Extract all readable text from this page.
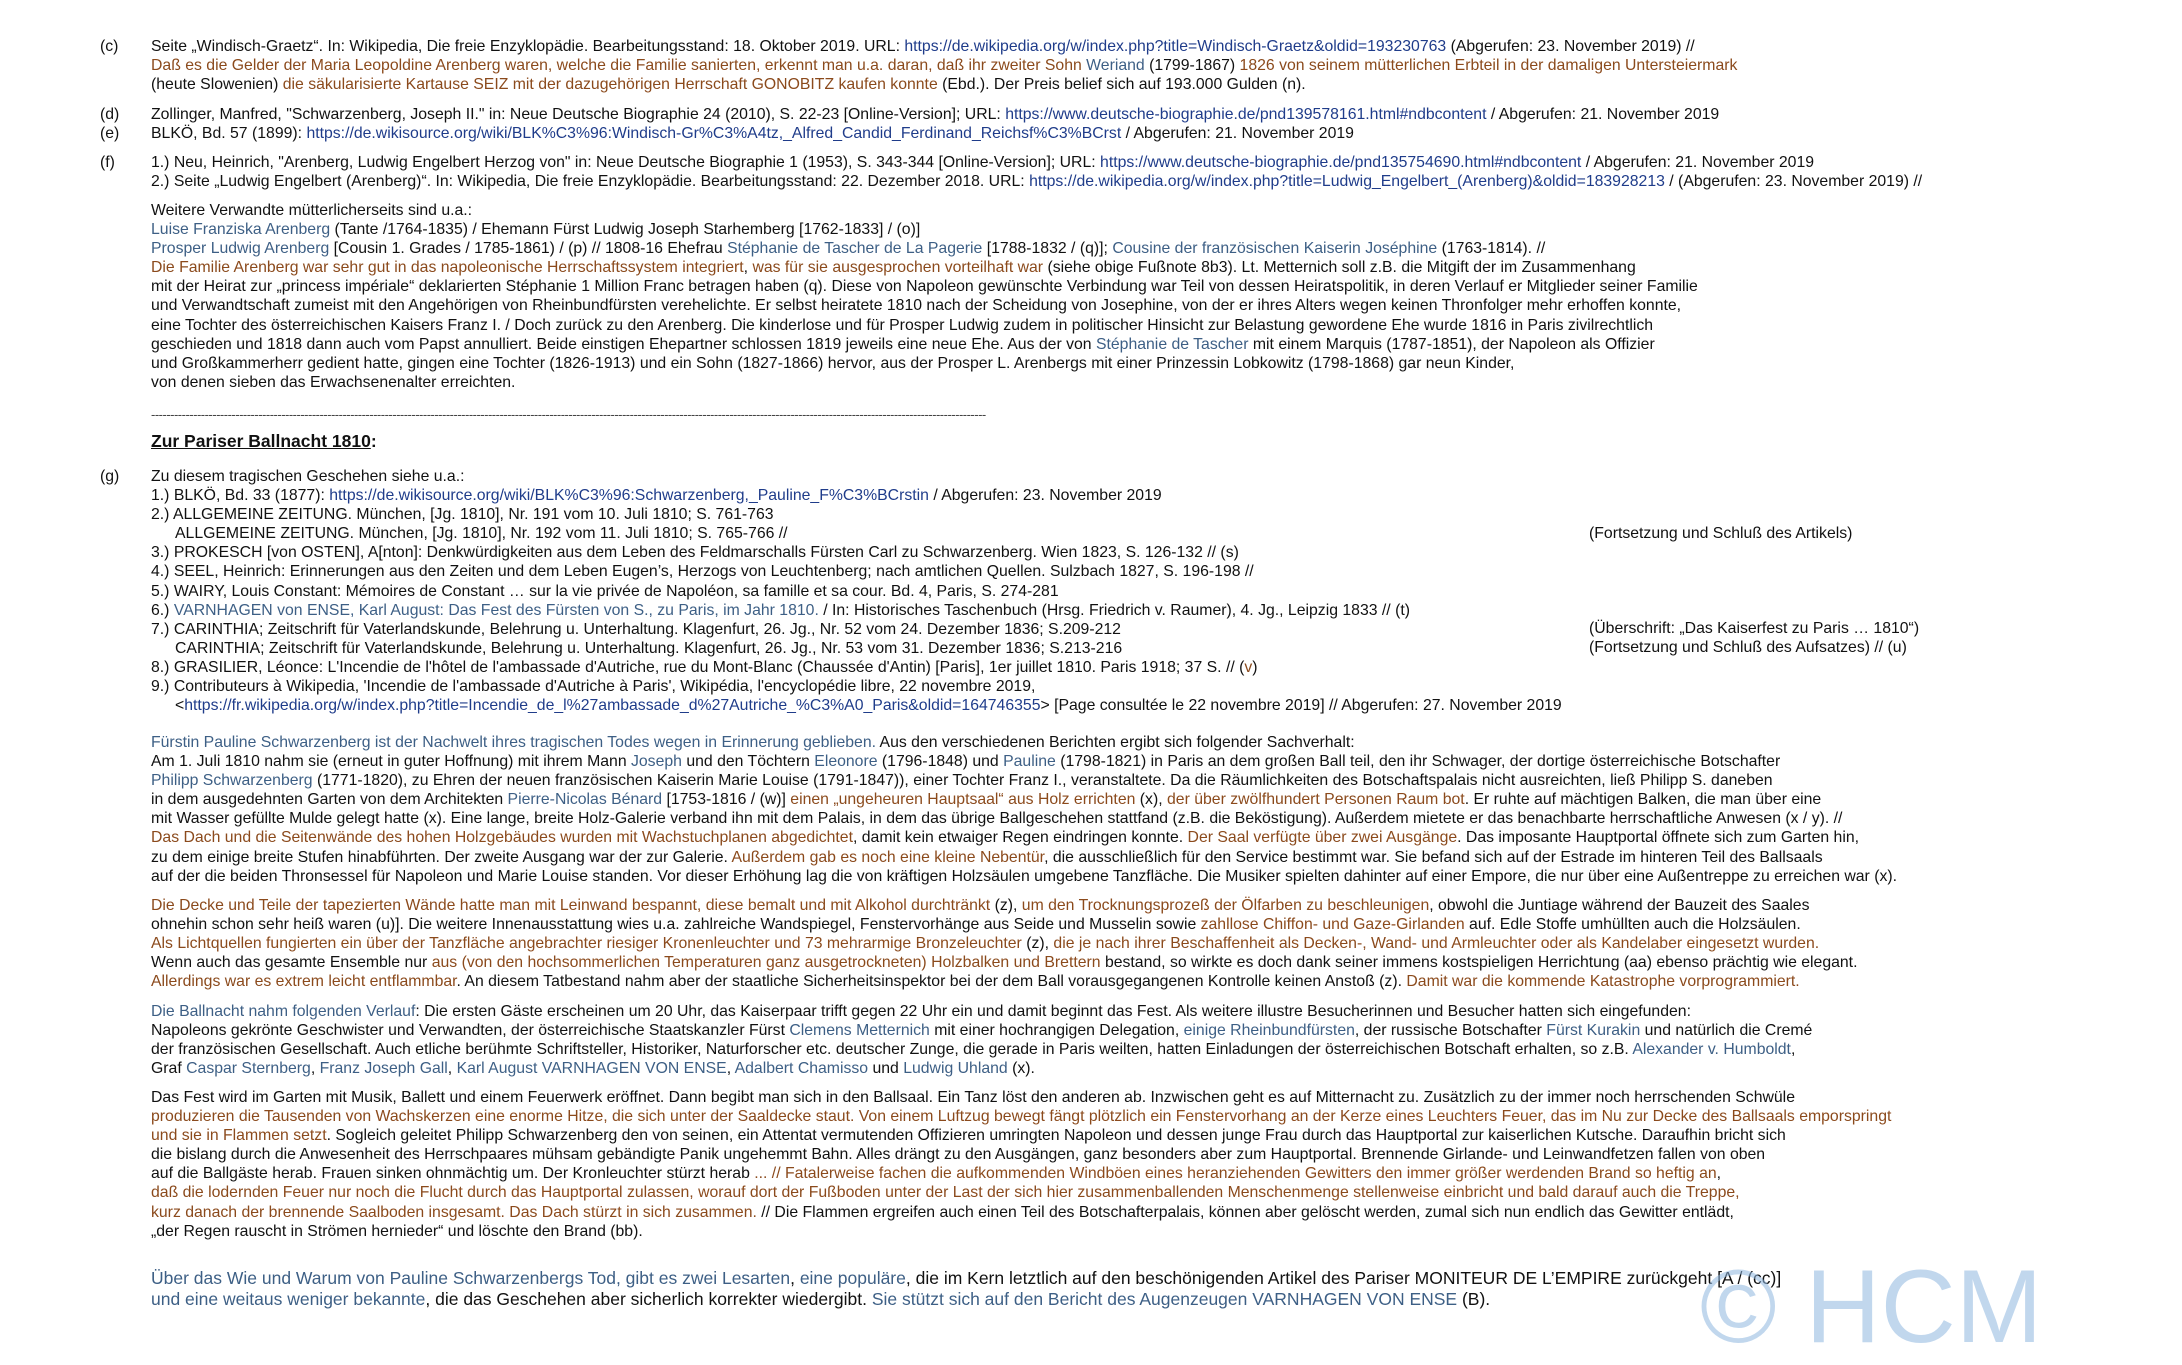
(c) Seite „Windisch-Graetz“. In: Wikipedia, Die freie Enzyklopädie. Bearbeitungsstand: 18. Oktober 2019. URL: https://de.wikipedia.org/w/index.php?title=Windisch-Graetz&oldid=193230763 (Abgerufen: 23. November 2019) //
Daß es die Gelder der Maria Leopoldine Arenberg waren, welche die Familie sanierten, erkennt man u.a. daran, daß ihr zweiter Sohn Weriand (1799-1867) 1826 von seinem mütterlichen Erbteil in der damaligen Untersteiermark
(heute Slowenien) die säkularisierte Kartause SEIZ mit der dazugehörigen Herrschaft GONOBITZ kaufen konnte (Ebd.). Der Preis belief sich auf 193.000 Gulden (n).
(d) Zollinger, Manfred, "Schwarzenberg, Joseph II." in: Neue Deutsche Biographie 24 (2010), S. 22-23 [Online-Version]; URL: https://www.deutsche-biographie.de/pnd139578161.html#ndbcontent / Abgerufen: 21. November 2019
(e) BLKÖ, Bd. 57 (1899): https://de.wikisource.org/wiki/BLK%C3%96:Windisch-Gr%C3%A4tz,_Alfred_Candid_Ferdinand_Reichsf%C3%BCrst / Abgerufen: 21. November 2019
(f) 1.) Neu, Heinrich, "Arenberg, Ludwig Engelbert Herzog von" in: Neue Deutsche Biographie 1 (1953), S. 343-344 [Online-Version]; URL: https://www.deutsche-biographie.de/pnd135754690.html#ndbcontent / Abgerufen: 21. November 2019
2.) Seite „Ludwig Engelbert (Arenberg)“. In: Wikipedia, Die freie Enzyklopädie. Bearbeitungsstand: 22. Dezember 2018. URL: https://de.wikipedia.org/w/index.php?title=Ludwig_Engelbert_(Arenberg)&oldid=183928213 / (Abgerufen: 23. November 2019) //
Weitere Verwandte mütterlicherseits sind u.a.:
Luise Franziska Arenberg (Tante /1764-1835) / Ehemann Fürst Ludwig Joseph Starhemberg [1762-1833] / (o)]
Prosper Ludwig Arenberg [Cousin 1. Grades / 1785-1861) / (p) // 1808-16 Ehefrau Stéphanie de Tascher de La Pagerie [1788-1832 / (q)]; Cousine der französischen Kaiserin Joséphine (1763-1814). //
Die Familie Arenberg war sehr gut in das napoleonische Herrschaftssystem integriert, was für sie ausgesprochen vorteilhaft war (siehe obige Fußnote 8b3). Lt. Metternich soll z.B. die Mitgift der im Zusammenhang
mit der Heirat zur „princess impériale“ deklarierten Stéphanie 1 Million Franc betragen haben (q). Diese von Napoleon gewünschte Verbindung war Teil von dessen Heiratspolitik, in deren Verlauf er Mitglieder seiner Familie
und Verwandtschaft zumeist mit den Angehörigen von Rheinbundfürsten verehelichte. Er selbst heiratete 1810 nach der Scheidung von Josephine, von der er ihres Alters wegen keinen Thronfolger mehr erhoffen konnte,
eine Tochter des österreichischen Kaisers Franz I. / Doch zurück zu den Arenberg. Die kinderlose und für Prosper Ludwig zudem in politischer Hinsicht zur Belastung gewordene Ehe wurde 1816 in Paris zivilrechtlich
geschieden und 1818 dann auch vom Papst annulliert. Beide einstigen Ehepartner schlossen 1819 jeweils eine neue Ehe. Aus der von Stéphanie de Tascher mit einem Marquis (1787-1851), der Napoleon als Offizier
und Großkammerherr gedient hatte, gingen eine Tochter (1826-1913) und ein Sohn (1827-1866) hervor, aus der Prosper L. Arenbergs mit einer Prinzessin Lobkowitz (1798-1868) gar neun Kinder,
von denen sieben das Erwachsenenalter erreichten.
--------------------------------------------------------------------------------------------------------------------------------------------------------------------------------------------------------------------------
Zur Pariser Ballnacht 1810:
(g) Zu diesem tragischen Geschehen siehe u.a.:
1.) BLKÖ, Bd. 33 (1877): https://de.wikisource.org/wiki/BLK%C3%96:Schwarzenberg,_Pauline_F%C3%BCrstin / Abgerufen: 23. November 2019
2.) ALLGEMEINE ZEITUNG. München, [Jg. 1810], Nr. 191 vom 10. Juli 1810; S. 761-763
ALLGEMEINE ZEITUNG. München, [Jg. 1810], Nr. 192 vom 11. Juli 1810; S. 765-766 //
3.) PROKESCH [von OSTEN], A[nton]: Denkwürdigkeiten aus dem Leben des Feldmarschalls Fürsten Carl zu Schwarzenberg. Wien 1823, S. 126-132 // (s)
4.) SEEL, Heinrich: Erinnerungen aus den Zeiten und dem Leben Eugen’s, Herzogs von Leuchtenberg; nach amtlichen Quellen. Sulzbach 1827, S. 196-198 //
5.) WAIRY, Louis Constant: Mémoires de Constant … sur la vie privée de Napoléon, sa famille et sa cour. Bd. 4, Paris, S. 274-281
6.) VARNHAGEN von ENSE, Karl August: Das Fest des Fürsten von S., zu Paris, im Jahr 1810. / In: Historisches Taschenbuch (Hrsg. Friedrich v. Raumer), 4. Jg., Leipzig 1833 // (t)
7.) CARINTHIA; Zeitschrift für Vaterlandskunde, Belehrung u. Unterhaltung. Klagenfurt, 26. Jg., Nr. 52 vom 24. Dezember 1836; S.209-212
CARINTHIA; Zeitschrift für Vaterlandskunde, Belehrung u. Unterhaltung. Klagenfurt, 26. Jg., Nr. 53 vom 31. Dezember 1836; S.213-216
8.) GRASILIER, Léonce: L'Incendie de l'hôtel de l'ambassade d'Autriche, rue du Mont-Blanc (Chaussée d'Antin) [Paris], 1er juillet 1810. Paris 1918; 37 S. // (v)
9.) Contributeurs à Wikipedia, 'Incendie de l'ambassade d'Autriche à Paris', Wikipédia, l'encyclopédie libre, 22 novembre 2019,
<https://fr.wikipedia.org/w/index.php?title=Incendie_de_l%27ambassade_d%27Autriche_%C3%A0_Paris&oldid=164746355> [Page consultée le 22 novembre 2019] // Abgerufen: 27. November 2019
(Fortsetzung und Schluß des Artikels)
(Überschrift: „Das Kaiserfest zu Paris … 1810“)
(Fortsetzung und Schluß des Aufsatzes) // (u)
Fürstin Pauline Schwarzenberg ist der Nachwelt ihres tragischen Todes wegen in Erinnerung geblieben. Aus den verschiedenen Berichten ergibt sich folgender Sachverhalt:
Am 1. Juli 1810 nahm sie (erneut in guter Hoffnung) mit ihrem Mann Joseph und den Töchtern Eleonore (1796-1848) und Pauline (1798-1821) in Paris an dem großen Ball teil, den ihr Schwager, der dortige österreichische Botschafter
Philipp Schwarzenberg (1771-1820), zu Ehren der neuen französischen Kaiserin Marie Louise (1791-1847)), einer Tochter Franz I., veranstaltete. Da die Räumlichkeiten des Botschaftspalais nicht ausreichten, ließ Philipp S. daneben
in dem ausgedehnten Garten von dem Architekten Pierre-Nicolas Bénard [1753-1816 / (w)] einen „ungeheuren Hauptsaal“ aus Holz errichten (x), der über zwölfhundert Personen Raum bot. Er ruhte auf mächtigen Balken, die man über eine
mit Wasser gefüllte Mulde gelegt hatte (x). Eine lange, breite Holz-Galerie verband ihn mit dem Palais, in dem das übrige Ballgeschehen stattfand (z.B. die Beköstigung). Außerdem mietete er das benachbarte herrschaftliche Anwesen (x / y). //
Das Dach und die Seitenwände des hohen Holzgebäudes wurden mit Wachstuchplanen abgedichtet, damit kein etwaiger Regen eindringen konnte. Der Saal verfügte über zwei Ausgänge. Das imposante Hauptportal öffnete sich zum Garten hin,
zu dem einige breite Stufen hinabführten. Der zweite Ausgang war der zur Galerie. Außerdem gab es noch eine kleine Nebentür, die ausschließlich für den Service bestimmt war. Sie befand sich auf der Estrade im hinteren Teil des Ballsaals
auf der die beiden Thronsessel für Napoleon und Marie Louise standen. Vor dieser Erhöhung lag die von kräftigen Holzsäulen umgebene Tanzfläche. Die Musiker spielten dahinter auf einer Empore, die nur über eine Außentreppe zu erreichen war (x).
Die Decke und Teile der tapezierten Wände hatte man mit Leinwand bespannt, diese bemalt und mit Alkohol durchtränkt (z), um den Trocknungsprozeß der Ölfarben zu beschleunigen, obwohl die Juntiage während der Bauzeit des Saales
ohnehin schon sehr heiß waren (u)]. Die weitere Innenausstattung wies u.a. zahlreiche Wandspiegel, Fenstervorhänge aus Seide und Musselin sowie zahllose Chiffon- und Gaze-Girlanden auf. Edle Stoffe umhüllten auch die Holzsäulen.
Als Lichtquellen fungierten ein über der Tanzfläche angebrachter riesiger Kronenleuchter und 73 mehrarmige Bronzeleuchter (z), die je nach ihrer Beschaffenheit als Decken-, Wand- und Armleuchter oder als Kandelaber eingesetzt wurden.
Wenn auch das gesamte Ensemble nur aus (von den hochsommerlichen Temperaturen ganz ausgetrockneten) Holzbalken und Brettern bestand, so wirkte es doch dank seiner immens kostspieligen Herrichtung (aa) ebenso prächtig wie elegant.
Allerdings war es extrem leicht entflammbar. An diesem Tatbestand nahm aber der staatliche Sicherheitsinspektor bei der dem Ball vorausgegangenen Kontrolle keinen Anstoß (z). Damit war die kommende Katastrophe vorprogrammiert.
Die Ballnacht nahm folgenden Verlauf: Die ersten Gäste erscheinen um 20 Uhr, das Kaiserpaar trifft gegen 22 Uhr ein und damit beginnt das Fest. Als weitere illustre Besucherinnen und Besucher hatten sich eingefunden:
Napoleons gekrönte Geschwister und Verwandten, der österreichische Staatskanzler Fürst Clemens Metternich mit einer hochrangigen Delegation, einige Rheinbundfürsten, der russische Botschafter Fürst Kurakin und natürlich die Cremé
der französischen Gesellschaft. Auch etliche berühmte Schriftsteller, Historiker, Naturforscher etc. deutscher Zunge, die gerade in Paris weilten, hatten Einladungen der österreichischen Botschaft erhalten, so z.B. Alexander v. Humboldt,
Graf Caspar Sternberg, Franz Joseph Gall, Karl August VARNHAGEN VON ENSE, Adalbert Chamisso und Ludwig Uhland (x).
Das Fest wird im Garten mit Musik, Ballett und einem Feuerwerk eröffnet. Dann begibt man sich in den Ballsaal. Ein Tanz löst den anderen ab. Inzwischen geht es auf Mitternacht zu. Zusätzlich zu der immer noch herrschenden Schwüle
produzieren die Tausenden von Wachskerzen eine enorme Hitze, die sich unter der Saaldecke staut. Von einem Luftzug bewegt fängt plötzlich ein Fenstervorhang an der Kerze eines Leuchters Feuer, das im Nu zur Decke des Ballsaals emporspringt
und sie in Flammen setzt. Sogleich geleitet Philipp Schwarzenberg den von seinen, ein Attentat vermutenden Offizieren umringten Napoleon und dessen junge Frau durch das Hauptportal zur kaiserlichen Kutsche. Daraufhin bricht sich
die bislang durch die Anwesenheit des Herrschpaares mühsam gebändigte Panik ungehemmt Bahn. Alles drängt zu den Ausgängen, ganz besonders aber zum Hauptportal. Brennende Girlande- und Leinwandfetzen fallen von oben
auf die Ballgäste herab. Frauen sinken ohnmächtig um. Der Kronleuchter stürzt herab ... // Fatalerweise fachen die aufkommenden Windböen eines heranziehenden Gewitters den immer größer werdenden Brand so heftig an,
daß die lodernden Feuer nur noch die Flucht durch das Hauptportal zulassen, worauf dort der Fußboden unter der Last der sich hier zusammenballenden Menschenmenge stellenweise einbricht und bald darauf auch die Treppe,
kurz danach der brennende Saalboden insgesamt. Das Dach stürzt in sich zusammen. // Die Flammen ergreifen auch einen Teil des Botschafterpalais, können aber gelöscht werden, zumal sich nun endlich das Gewitter entlädt,
„der Regen rauscht in Strömen hernieder“ und löschte den Brand (bb).
Über das Wie und Warum von Pauline Schwarzenbergs Tod, gibt es zwei Lesarten, eine populäre, die im Kern letztlich auf den beschönigenden Artikel des Pariser MONITEUR DE L’EMPIRE zurückgeht [A / (cc)]
und eine weitaus weniger bekannte, die das Geschehen aber sicherlich korrekter wiedergibt. Sie stützt sich auf den Bericht des Augenzeugen VARNHAGEN VON ENSE (B).	© HCM
